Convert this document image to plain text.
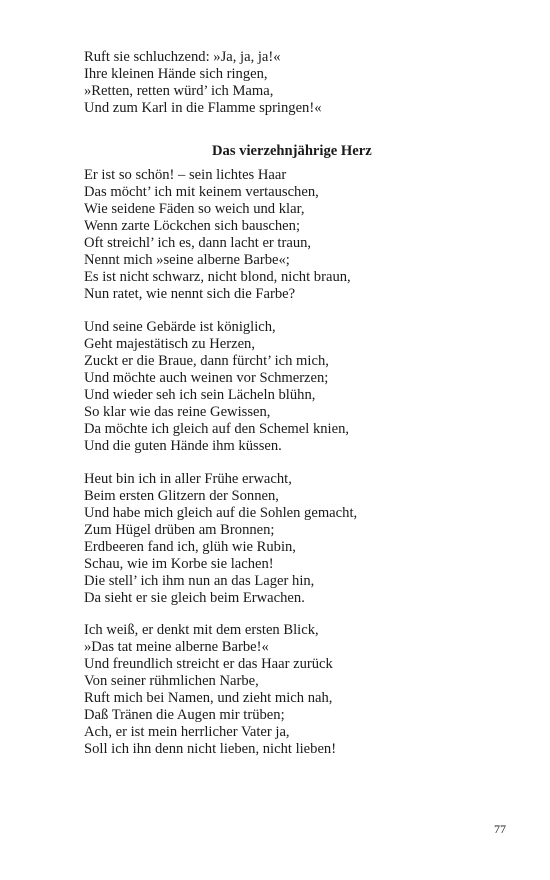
Ruft sie schluchzend: »Ja, ja, ja!«
Ihre kleinen Hände sich ringen,
»Retten, retten würd’ ich Mama,
Und zum Karl in die Flamme springen!«
Das vierzehnjährige Herz
Er ist so schön! – sein lichtes Haar
Das möcht’ ich mit keinem vertauschen,
Wie seidene Fäden so weich und klar,
Wenn zarte Löckchen sich bauschen;
Oft streichl’ ich es, dann lacht er traun,
Nennt mich »seine alberne Barbe«;
Es ist nicht schwarz, nicht blond, nicht braun,
Nun ratet, wie nennt sich die Farbe?
Und seine Gebärde ist königlich,
Geht majestätisch zu Herzen,
Zuckt er die Braue, dann fürcht’ ich mich,
Und möchte auch weinen vor Schmerzen;
Und wieder seh ich sein Lächeln blühn,
So klar wie das reine Gewissen,
Da möchte ich gleich auf den Schemel knien,
Und die guten Hände ihm küssen.
Heut bin ich in aller Frühe erwacht,
Beim ersten Glitzern der Sonnen,
Und habe mich gleich auf die Sohlen gemacht,
Zum Hügel drüben am Bronnen;
Erdbeeren fand ich, glüh wie Rubin,
Schau, wie im Korbe sie lachen!
Die stell’ ich ihm nun an das Lager hin,
Da sieht er sie gleich beim Erwachen.
Ich weiß, er denkt mit dem ersten Blick,
»Das tat meine alberne Barbe!«
Und freundlich streicht er das Haar zurück
Von seiner rühmlichen Narbe,
Ruft mich bei Namen, und zieht mich nah,
Daß Tränen die Augen mir trüben;
Ach, er ist mein herrlicher Vater ja,
Soll ich ihn denn nicht lieben, nicht lieben!
77
